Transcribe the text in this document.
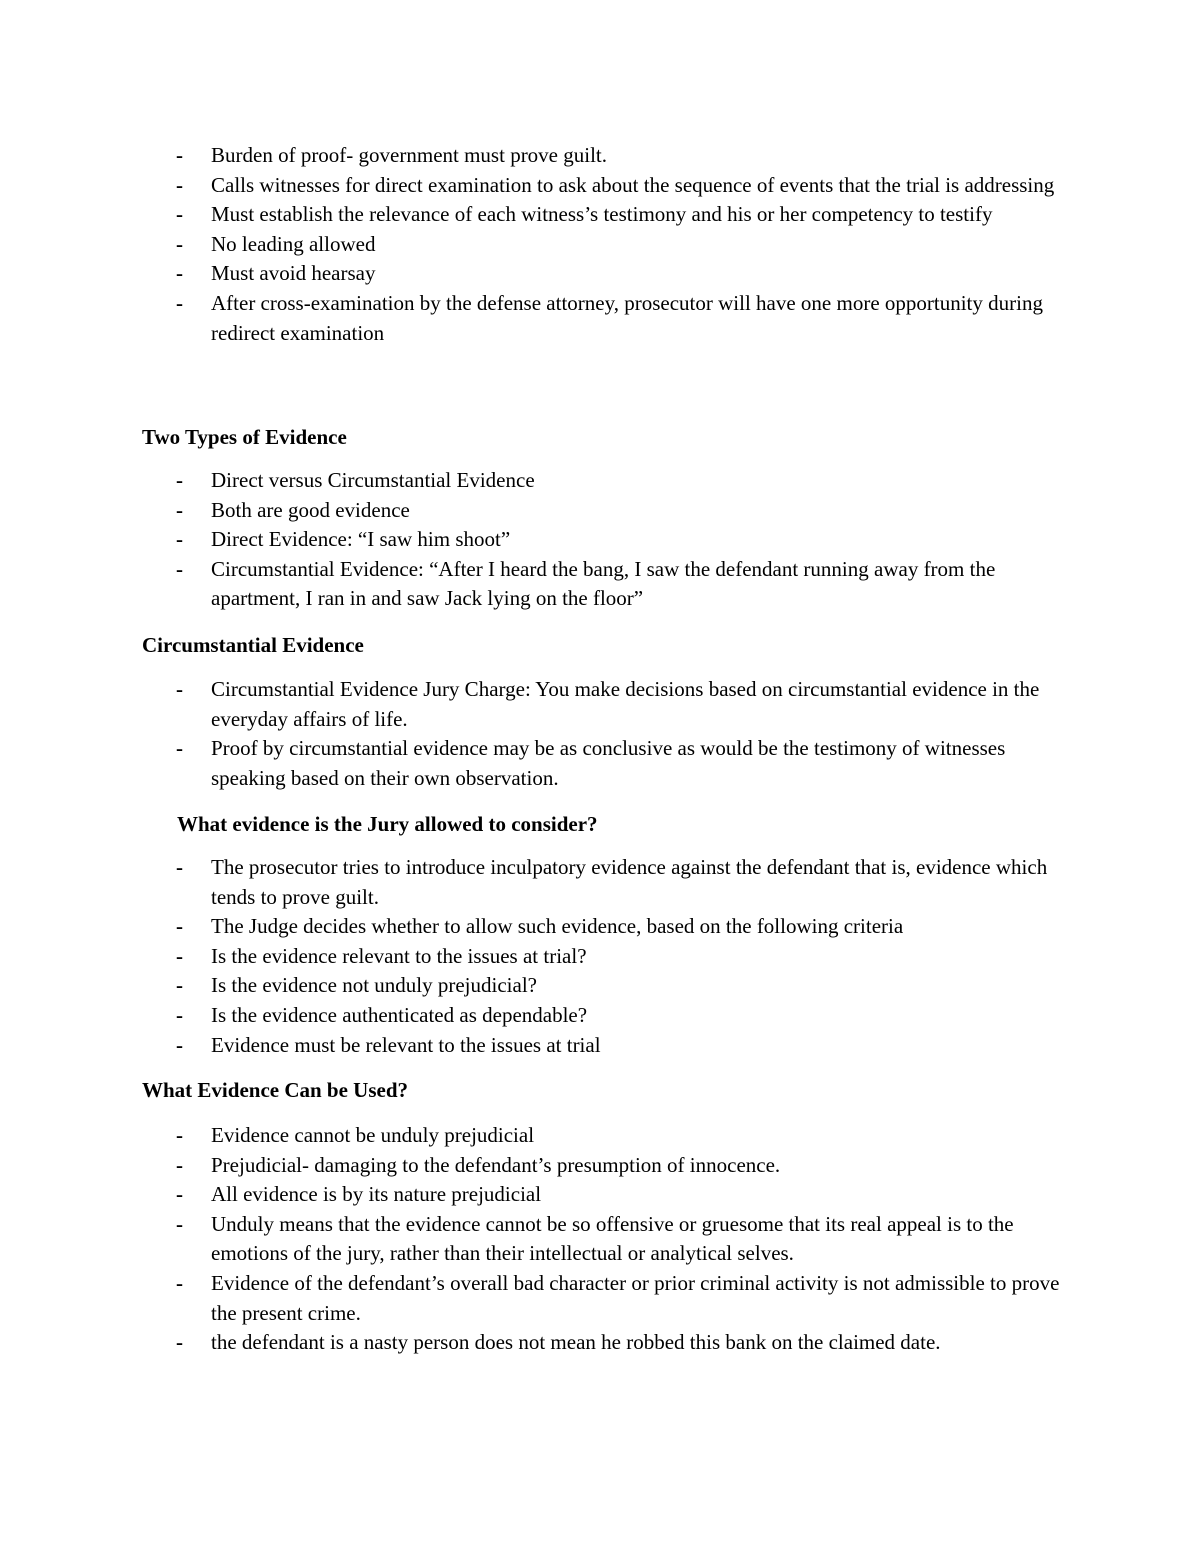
- Burden of proof- government must prove guilt.
- Calls witnesses for direct examination to ask about the sequence of events that the trial is addressing
- Must establish the relevance of each witness’s testimony and his or her competency to testify
- No leading allowed
- Must avoid hearsay
- After cross-examination by the defense attorney, prosecutor will have one more opportunity during redirect examination
Two Types of Evidence
- Direct versus Circumstantial Evidence
- Both are good evidence
- Direct Evidence: “I saw him shoot”
- Circumstantial Evidence: “After I heard the bang, I saw the defendant running away from the apartment, I ran in and saw Jack lying on the floor”
Circumstantial Evidence
- Circumstantial Evidence Jury Charge: You make decisions based on circumstantial evidence in the everyday affairs of life.
- Proof by circumstantial evidence may be as conclusive as would be the testimony of witnesses speaking based on their own observation.
What evidence is the Jury allowed to consider?
- The prosecutor tries to introduce inculpatory evidence against the defendant that is, evidence which tends to prove guilt.
- The Judge decides whether to allow such evidence, based on the following criteria
- Is the evidence relevant to the issues at trial?
- Is the evidence not unduly prejudicial?
- Is the evidence authenticated as dependable?
- Evidence must be relevant to the issues at trial
What Evidence Can be Used?
- Evidence cannot be unduly prejudicial
- Prejudicial- damaging to the defendant’s presumption of innocence.
- All evidence is by its nature prejudicial
- Unduly means that the evidence cannot be so offensive or gruesome that its real appeal is to the emotions of the jury, rather than their intellectual or analytical selves.
- Evidence of the defendant’s overall bad character or prior criminal activity is not admissible to prove the present crime.
- the defendant is a nasty person does not mean he robbed this bank on the claimed date.
